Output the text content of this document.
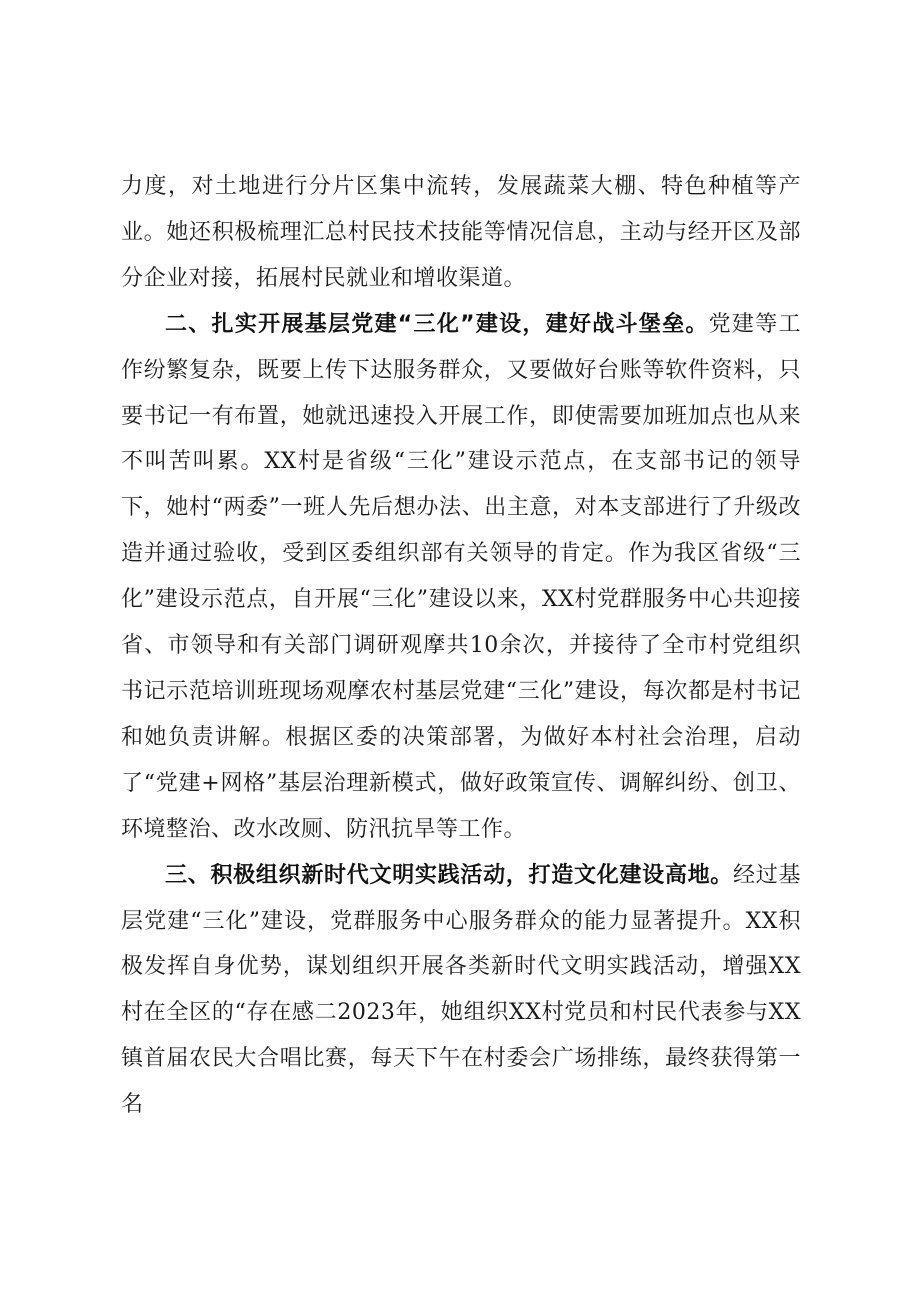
力度，对土地进行分片区集中流转，发展蔬菜大棚、特色种植等产业。她还积极梳理汇总村民技术技能等情况信息，主动与经开区及部分企业对接，拓展村民就业和增收渠道。

二、扎实开展基层党建“三化”建设，建好战斗堡垒。党建等工作纷繁复杂，既要上传下达服务群众，又要做好台账等软件资料，只要书记一有布置，她就迅速投入开展工作，即使需要加班加点也从来不叫苦叫累。XX村是省级“三化”建设示范点，在支部书记的领导下，她村“两委”一班人先后想办法、出主意，对本支部进行了升级改造并通过验收，受到区委组织部有关领导的肯定。作为我区省级“三化”建设示范点，自开展“三化”建设以来，XX村党群服务中心共迎接省、市领导和有关部门调研观摩共10余次，并接待了全市村党组织书记示范培训班现场观摩农村基层党建“三化”建设，每次都是村书记和她负责讲解。根据区委的决策部署，为做好本村社会治理，启动了“党建+网格”基层治理新模式，做好政策宣传、调解纠纷、创卫、环境整治、改水改厕、防汛抗旱等工作。

三、积极组织新时代文明实践活动，打造文化建设高地。经过基层党建“三化”建设，党群服务中心服务群众的能力显著提升。XX积极发挥自身优势，谋划组织开展各类新时代文明实践活动，增强XX村在全区的“存在感二2023年，她组织XX村党员和村民代表参与XX镇首届农民大合唱比赛，每天下午在村委会广场排练，最终获得第一名
